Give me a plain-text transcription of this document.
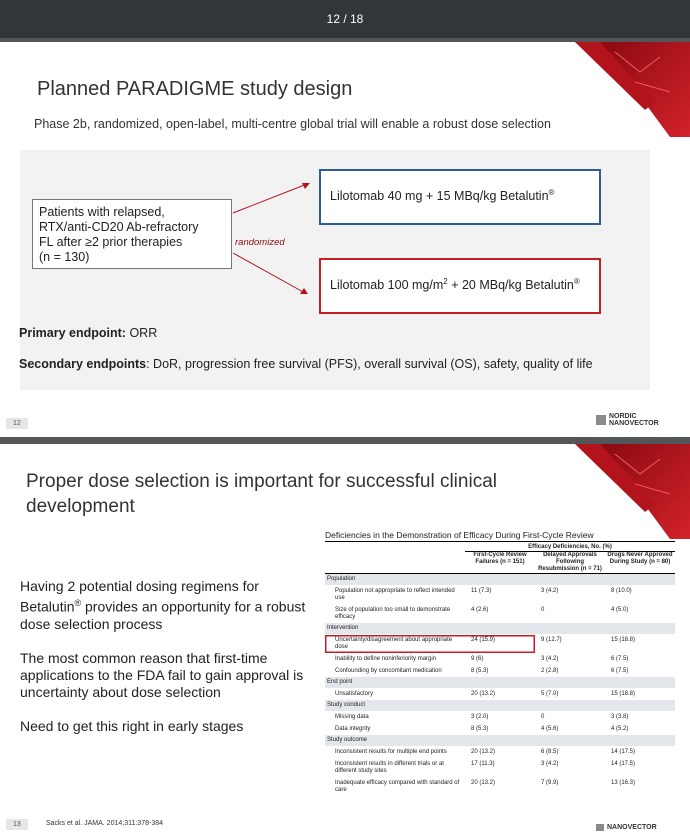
12 / 18
Planned PARADIGME study design
Phase 2b, randomized, open-label, multi-centre global trial will enable a robust dose selection
Patients with relapsed,
RTX/anti-CD20 Ab-refractory
FL after ≥2 prior therapies
(n = 130)
randomized
Lilotomab 40 mg + 15 MBq/kg Betalutin®
Lilotomab 100 $mg/m^2 + 20$ MBq/kg Betalutin®
Primary endpoint: ORR
Secondary endpoints: DoR, progression free survival (PFS), overall survival (OS), safety, quality of life
12
NORDIC
NANOVECTOR
Proper dose selection is important for successful clinical
development

Having 2 potential dosing regimens for Betalutin® provides an opportunity for a robust dose selection process

The most common reason that first-time applications to the FDA fail to gain approval is uncertainty about dose selection

Need to get this right in early stages

Deficiencies in the Demonstration of Efficacy During First-Cycle Review
	Efficacy Deficiencies, No. (%)		
	First-Cycle Review Failures (n = 151)	Delayed Approvals Following Resubmission (n = 71)	Drugs Never Approved During Study (n = 80)
Population			
Population not appropriate to reflect intended use	11 (7.3)	3 (4.2)	8 (10.0)
Size of population too small to demonstrate efficacy	4 (2.6)	0	4 (5.0)
Intervention			
Uncertainty/disagreement about appropriate dose	24 (15.9)	9 (12.7)	15 (18.8)
Inability to define noninferiority margin	9 (6)	3 (4.2)	6 (7.5)
Confounding by concomitant medication	8 (5.3)	2 (2.8)	6 (7.5)
End point			
Unsatisfactory	20 (13.2)	5 (7.0)	15 (18.8)
Study conduct			
Missing data	3 (2.0)	0	3 (3.8)
Data integrity	8 (5.3)	4 (5.6)	4 (5.2)
Study outcome			
Inconsistent results for multiple end points	20 (13.2)	6 (8.5)	14 (17.5)
Inconsistent results in different trials or at different study sites	17 (11.3)	3 (4.2)	14 (17.5)
Inadequate efficacy compared with standard of care	20 (13.2)	7 (9.9)	13 (16.3)
Sacks et al. JAMA. 2014;311:378-384
13	NANOVECTOR
